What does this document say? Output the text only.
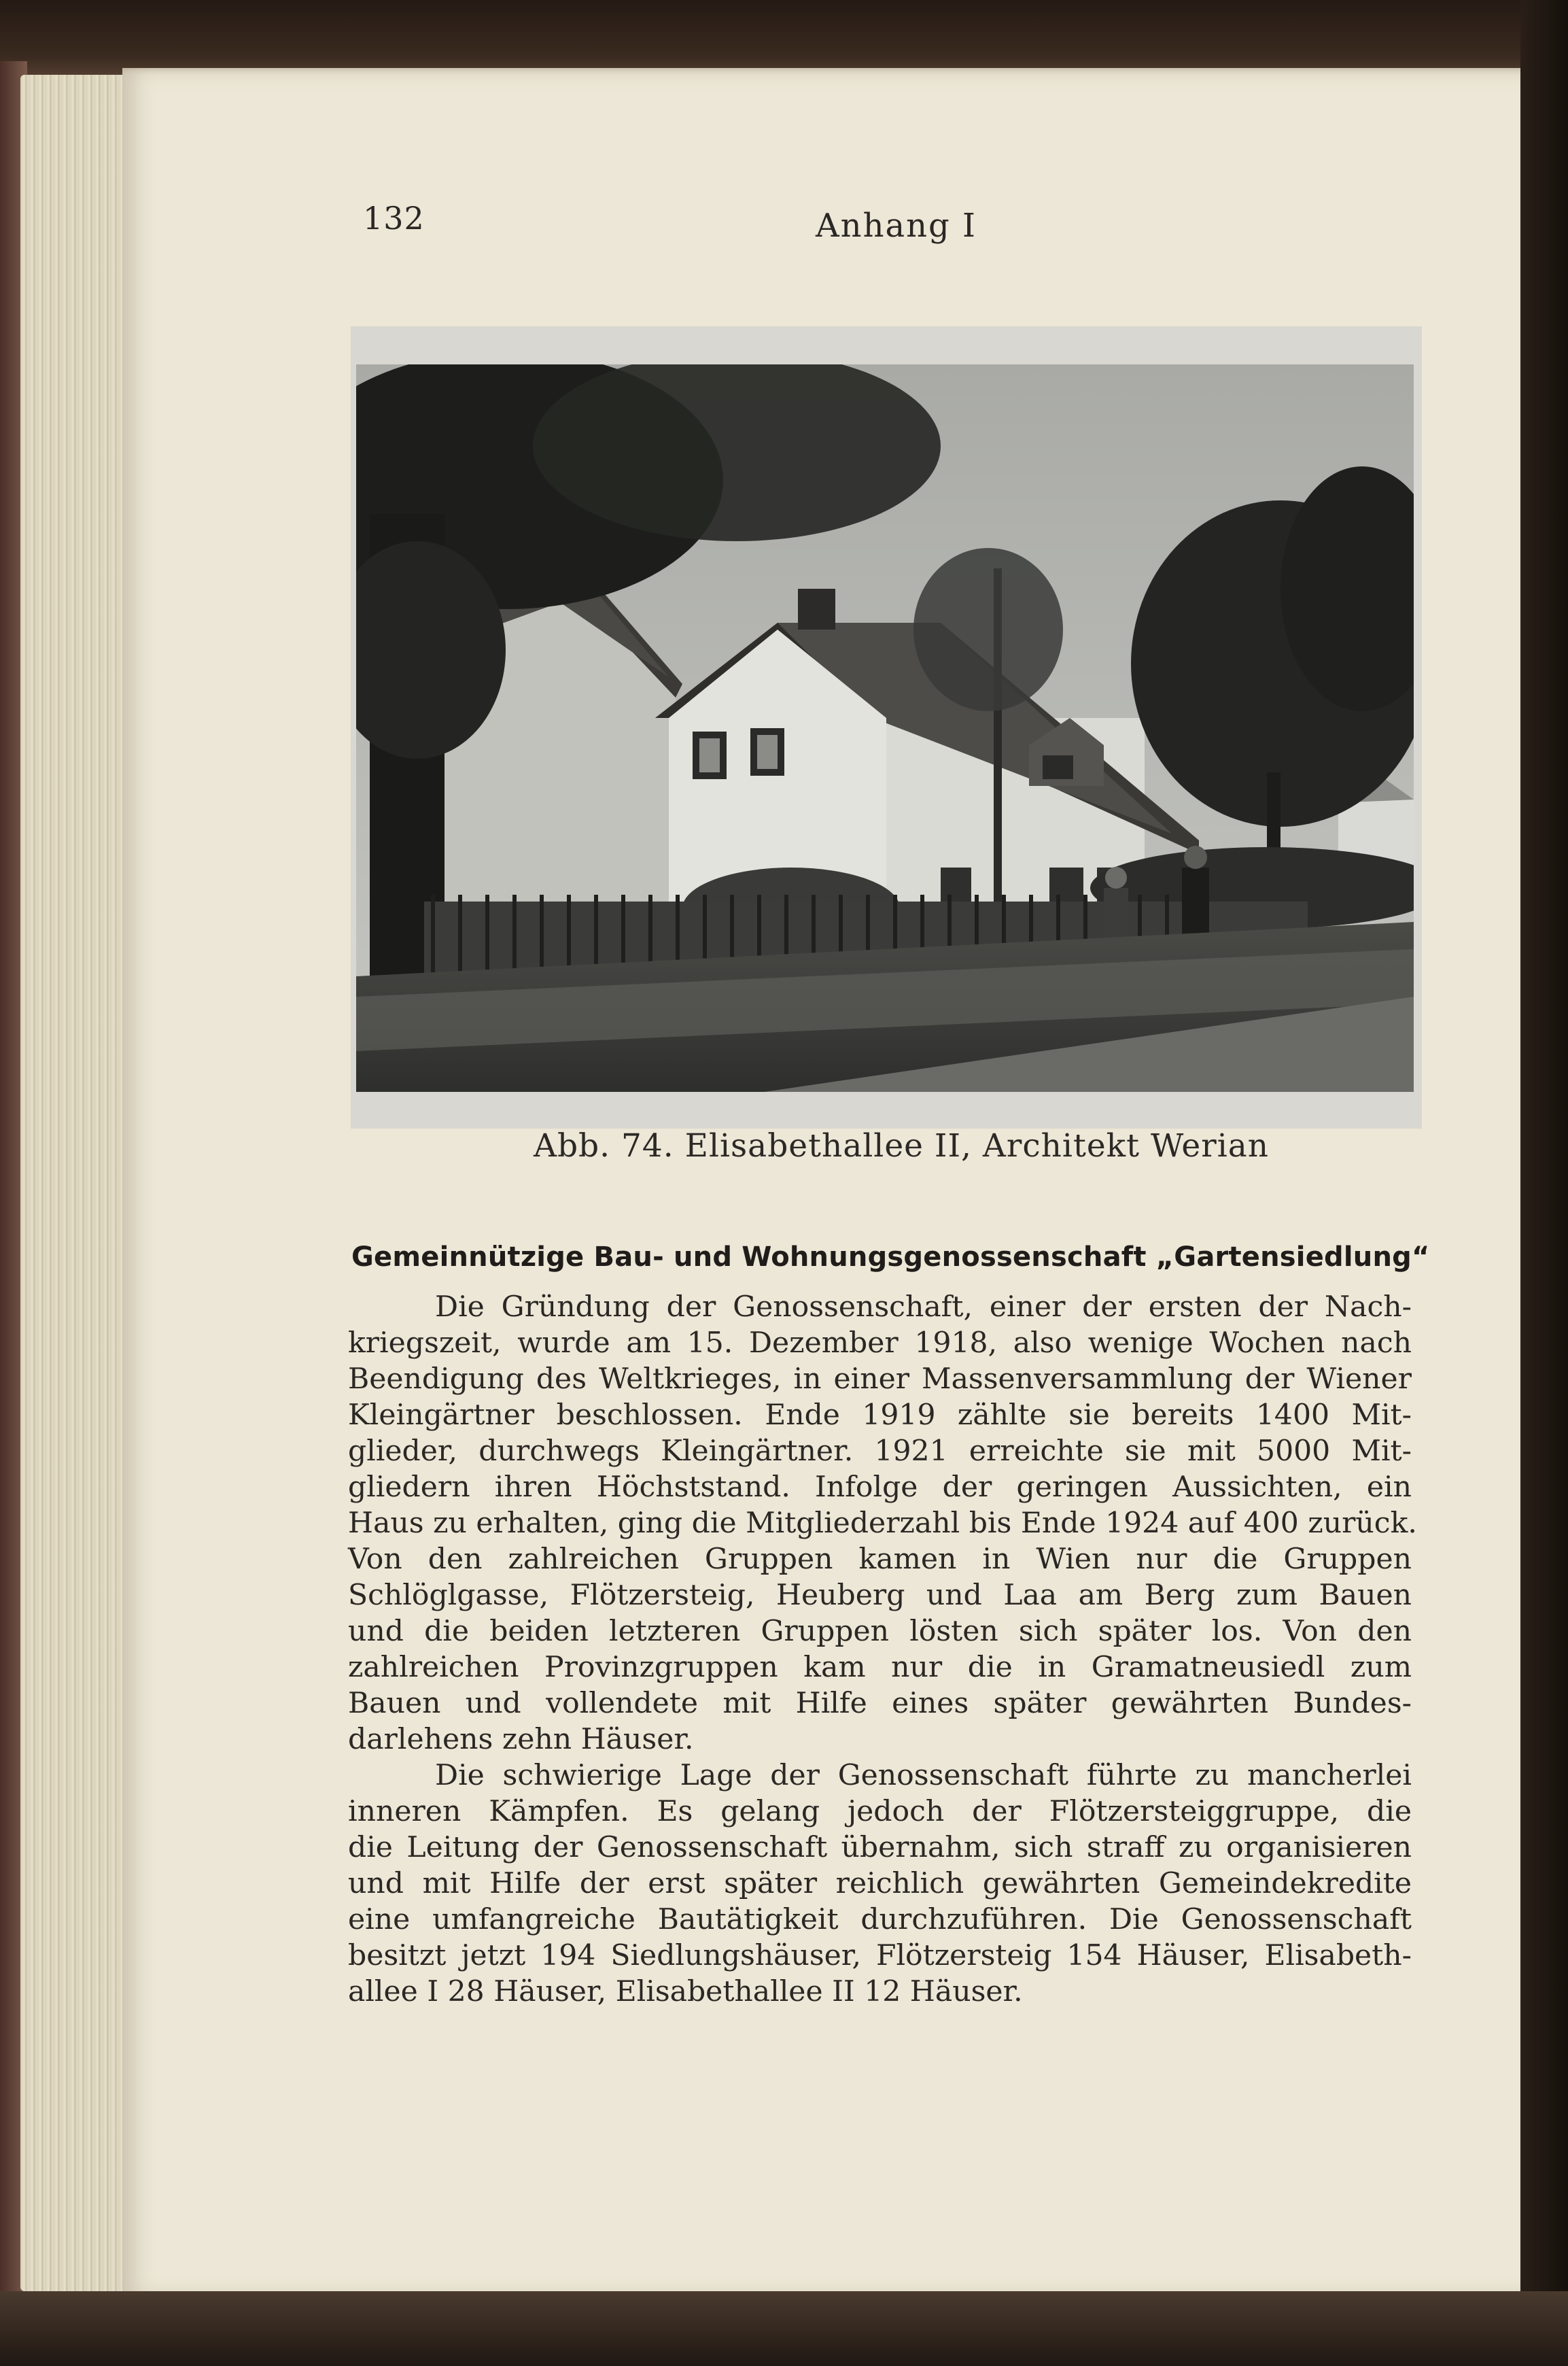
132	Anhang I
Abb. 74. Elisabethallee II, Architekt Werian
Gemeinnützige Bau- und Wohnungsgenossenschaft „Gartensiedlung“
Die Gründung der Genossenschaft, einer der ersten der Nach-
kriegszeit, wurde am 15. Dezember 1918, also wenige Wochen nach
Beendigung des Weltkrieges, in einer Massenversammlung der Wiener
Kleingärtner beschlossen. Ende 1919 zählte sie bereits 1400 Mit-
glieder, durchwegs Kleingärtner. 1921 erreichte sie mit 5000 Mit-
gliedern ihren Höchststand. Infolge der geringen Aussichten, ein
Haus zu erhalten, ging die Mitgliederzahl bis Ende 1924 auf 400 zurück.
Von den zahlreichen Gruppen kamen in Wien nur die Gruppen
Schlöglgasse, Flötzersteig, Heuberg und Laa am Berg zum Bauen
und die beiden letzteren Gruppen lösten sich später los. Von den
zahlreichen Provinzgruppen kam nur die in Gramatneusiedl zum
Bauen und vollendete mit Hilfe eines später gewährten Bundes-
darlehens zehn Häuser.
Die schwierige Lage der Genossenschaft führte zu mancherlei
inneren Kämpfen. Es gelang jedoch der Flötzersteiggruppe, die
die Leitung der Genossenschaft übernahm, sich straff zu organisieren
und mit Hilfe der erst später reichlich gewährten Gemeindekredite
eine umfangreiche Bautätigkeit durchzuführen. Die Genossenschaft
besitzt jetzt 194 Siedlungshäuser, Flötzersteig 154 Häuser, Elisabeth-
allee I 28 Häuser, Elisabethallee II 12 Häuser.
